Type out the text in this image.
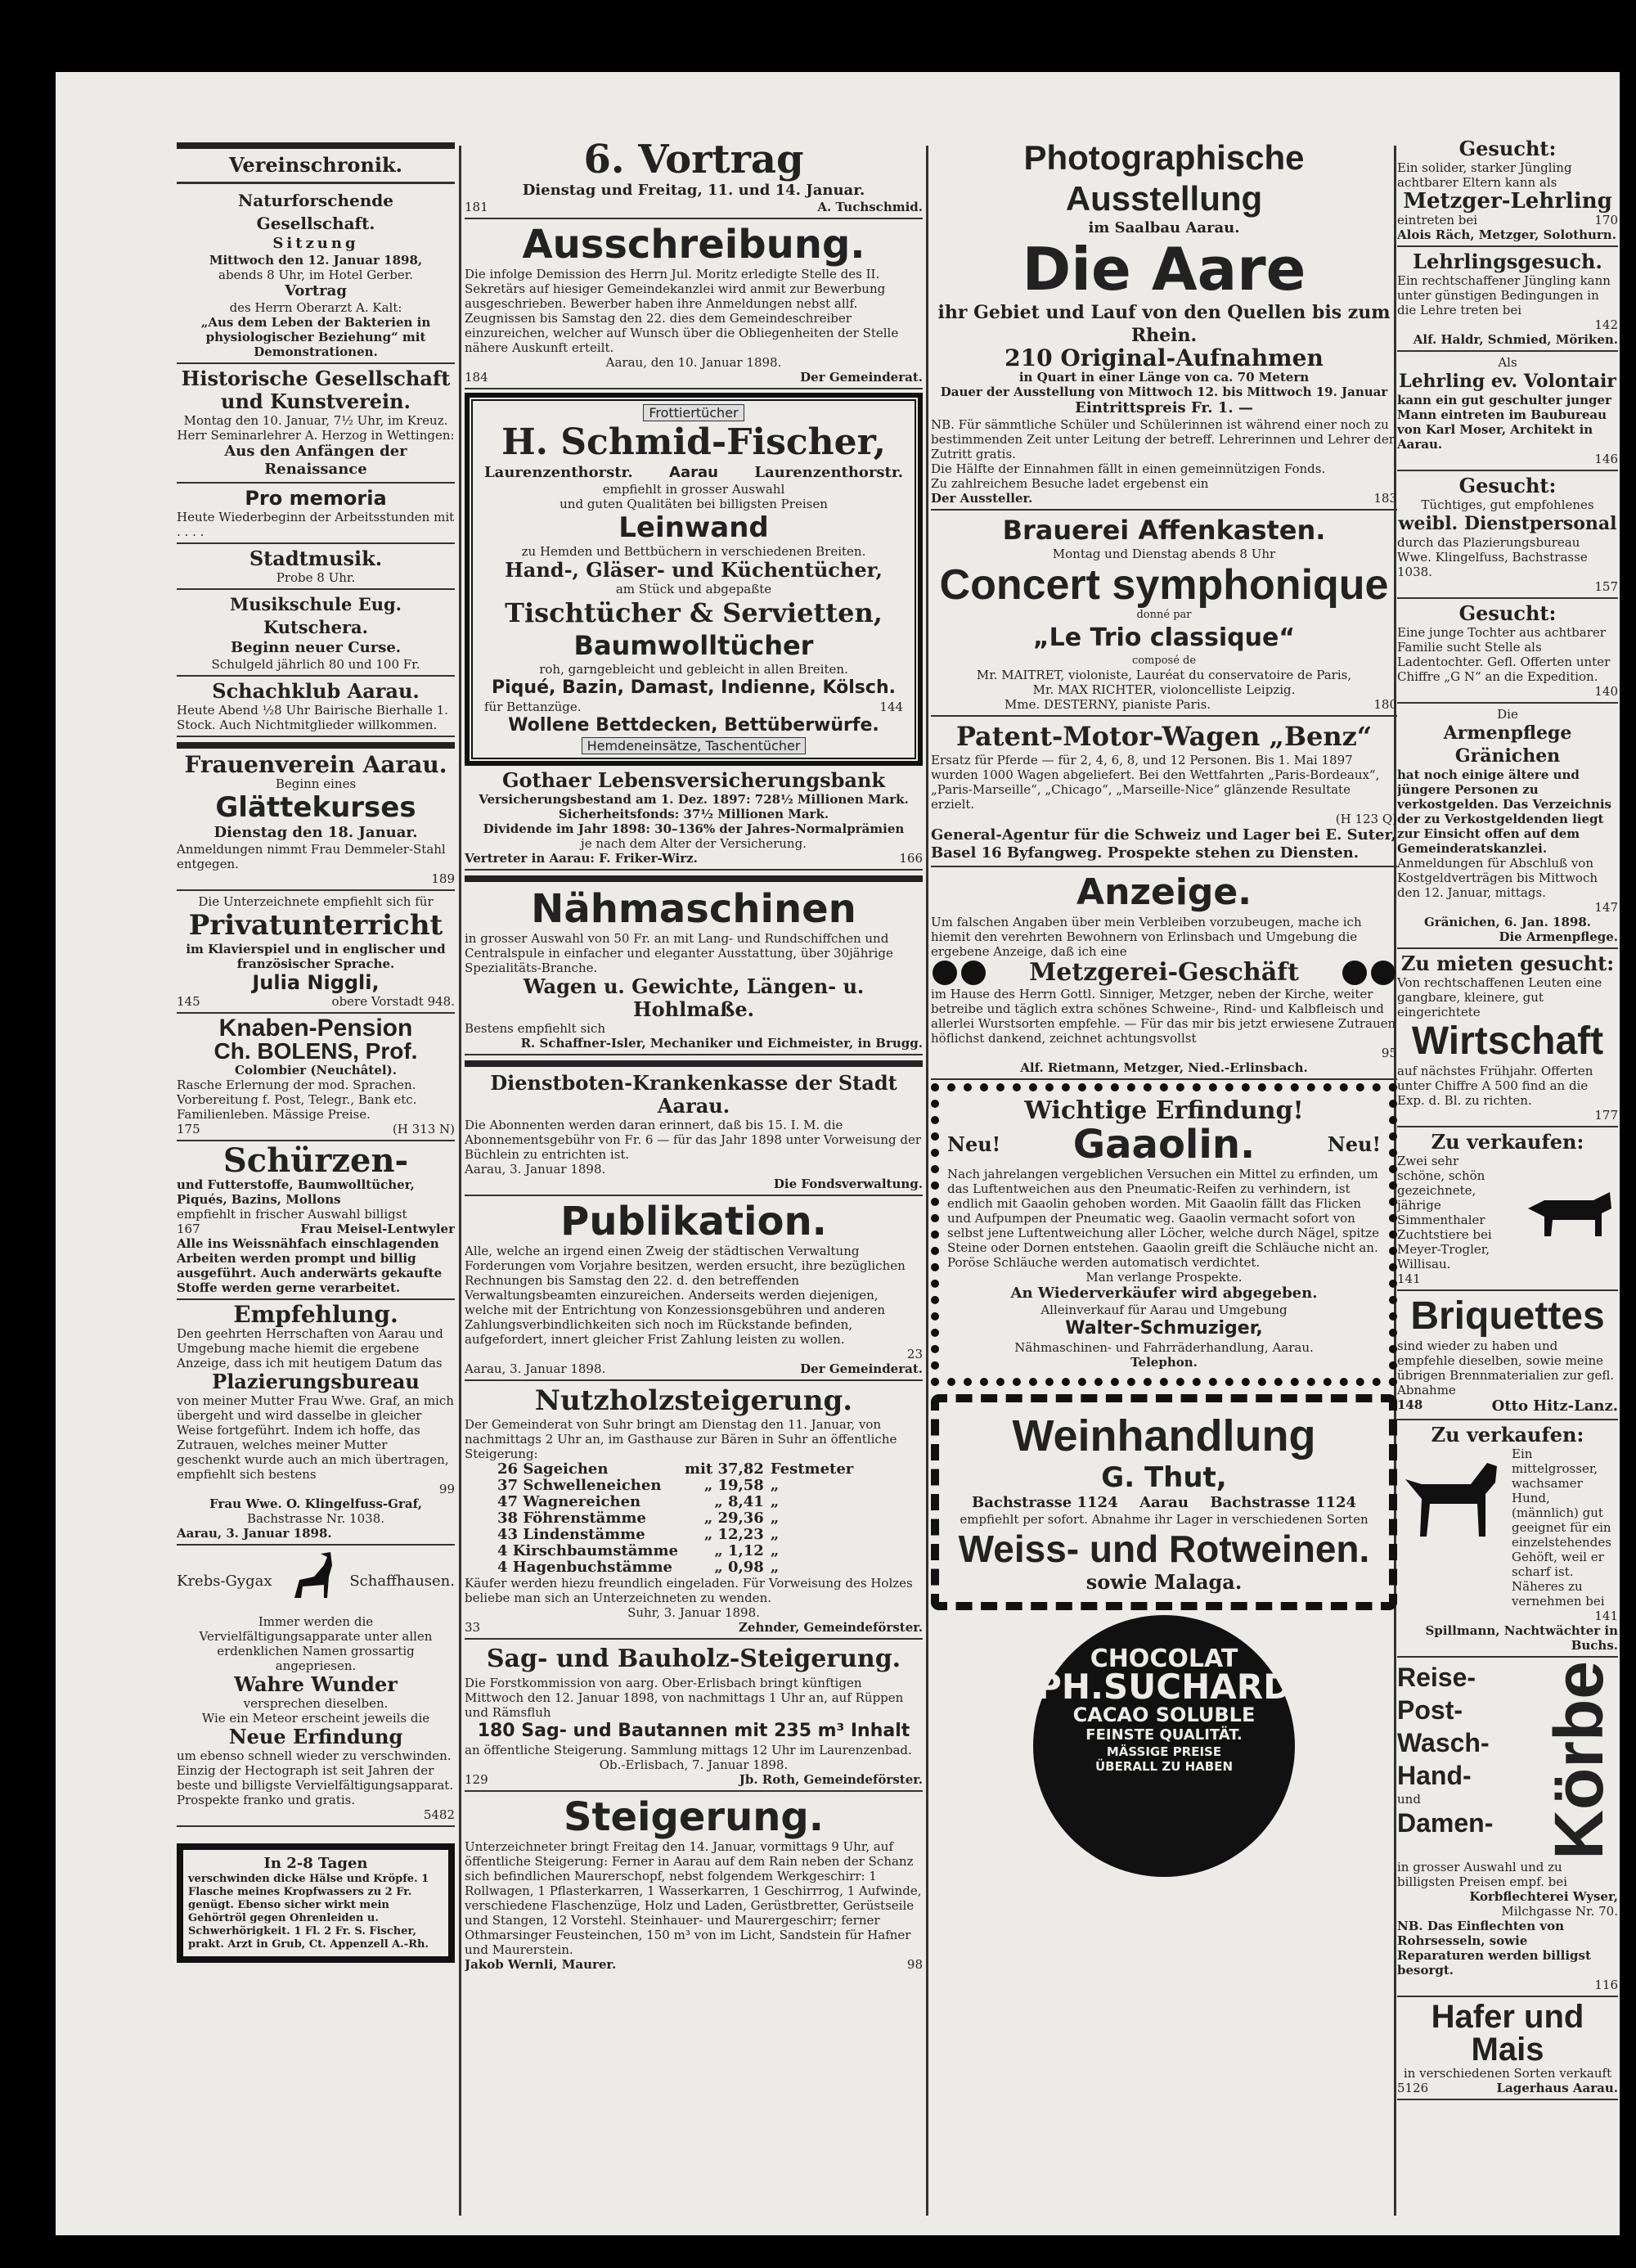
Vereinschronik.
Naturforschende Gesellschaft.
Sitzung
Mittwoch den 12. Januar 1898,
abends 8 Uhr, im Hotel Gerber.
Vortrag
des Herrn Oberarzt A. Kalt:
„Aus dem Leben der Bakterien in physiologischer Beziehung“ mit Demonstrationen.
Historische Gesellschaft und Kunstverein.
Montag den 10. Januar, 7½ Uhr, im Kreuz.
Herr Seminarlehrer A. Herzog in Wettingen:
Aus den Anfängen der Renaissance
Pro memoria
Heute Wiederbeginn der Arbeitsstunden mit . . . .
Stadtmusik.
Probe 8 Uhr.
Musikschule Eug. Kutschera.
Beginn neuer Curse.
Schulgeld jährlich 80 und 100 Fr.
Schachklub Aarau.
Heute Abend ½8 Uhr Bairische Bierhalle 1. Stock. Auch Nichtmitglieder willkommen.
Frauenverein Aarau.
Beginn eines
Glättekurses
Dienstag den 18. Januar.
Anmeldungen nimmt Frau Demmeler-Stahl entgegen.
189
Die Unterzeichnete empfiehlt sich für
Privatunterricht
im Klavierspiel und in englischer und französischer Sprache.
Julia Niggli,
145	obere Vorstadt 948.
Knaben-Pension
Ch. BOLENS, Prof.
Colombier (Neuchâtel).
Rasche Erlernung der mod. Sprachen. Vorbereitung f. Post, Telegr., Bank etc. Familienleben. Mässige Preise.
175	(H 313 N)
Schürzen-
und Futterstoffe, Baumwolltücher, Piqués, Bazins, Mollons
empfiehlt in frischer Auswahl billigst
167	Frau Meisel-Lentwyler
Alle ins Weissnähfach einschlagenden Arbeiten werden prompt und billig ausgeführt. Auch anderwärts gekaufte Stoffe werden gerne verarbeitet.
Empfehlung.
Den geehrten Herrschaften von Aarau und Umgebung mache hiemit die ergebene Anzeige, dass ich mit heutigem Datum das
Plazierungsbureau
von meiner Mutter Frau Wwe. Graf, an mich übergeht und wird dasselbe in gleicher Weise fortgeführt. Indem ich hoffe, das Zutrauen, welches meiner Mutter geschenkt wurde auch an mich übertragen, empfiehlt sich bestens
99
Frau Wwe. O. Klingelfuss-Graf,
Bachstrasse Nr. 1038.
Aarau, 3. Januar 1898.
Krebs-Gygax	Schaffhausen.
Immer werden die Vervielfältigungsapparate unter allen erdenklichen Namen grossartig angepriesen.
Wahre Wunder
versprechen dieselben.
Wie ein Meteor erscheint jeweils die
Neue Erfindung
um ebenso schnell wieder zu verschwinden. Einzig der Hectograph ist seit Jahren der beste und billigste Vervielfältigungsapparat. Prospekte franko und gratis.
5482
In 2-8 Tagen
verschwinden dicke Hälse und Kröpfe. 1 Flasche meines Kropfwassers zu 2 Fr. genügt. Ebenso sicher wirkt mein Gehörtröl gegen Ohrenleiden u. Schwerhörigkeit. 1 Fl. 2 Fr. S. Fischer, prakt. Arzt in Grub, Ct. Appenzell A.-Rh.
6. Vortrag
Dienstag und Freitag, 11. und 14. Januar.
181	A. Tuchschmid.
Ausschreibung.
Die infolge Demission des Herrn Jul. Moritz erledigte Stelle des II. Sekretärs auf hiesiger Gemeindekanzlei wird anmit zur Bewerbung ausgeschrieben. Bewerber haben ihre Anmeldungen nebst allf. Zeugnissen bis Samstag den 22. dies dem Gemeindeschreiber einzureichen, welcher auf Wunsch über die Obliegenheiten der Stelle nähere Auskunft erteilt.
Aarau, den 10. Januar 1898.
184	Der Gemeinderat.
Frottiertücher
H. Schmid-Fischer,
Laurenzenthorstr. Aarau Laurenzenthorstr.
empfiehlt in grosser Auswahl
und guten Qualitäten bei billigsten Preisen
Leinwand
zu Hemden und Bettbüchern in verschiedenen Breiten.
Hand-, Gläser- und Küchentücher,
am Stück und abgepaßte
Tischtücher & Servietten,
Baumwolltücher
roh, garngebleicht und gebleicht in allen Breiten.
Piqué, Bazin, Damast, Indienne, Kölsch.
für Bettanzüge.	144
Wollene Bettdecken, Bettüberwürfe.
Hemdeneinsätze, Taschentücher
Gothaer Lebensversicherungsbank
Versicherungsbestand am 1. Dez. 1897: 728½ Millionen Mark.
Sicherheitsfonds: 37½ Millionen Mark.
Dividende im Jahr 1898: 30–136% der Jahres-Normalprämien
je nach dem Alter der Versicherung.
Vertreter in Aarau: F. Friker-Wirz.	166
Nähmaschinen
in grosser Auswahl von 50 Fr. an mit Lang- und Rundschiffchen und Centralspule in einfacher und eleganter Ausstattung, über 30jährige Spezialitäts-Branche.
Wagen u. Gewichte, Längen- u. Hohlmaße.
Bestens empfiehlt sich
R. Schaffner-Isler, Mechaniker und Eichmeister, in Brugg.
Dienstboten-Krankenkasse der Stadt Aarau.
Die Abonnenten werden daran erinnert, daß bis 15. I. M. die Abonnementsgebühr von Fr. 6 — für das Jahr 1898 unter Vorweisung der Büchlein zu entrichten ist.
Aarau, 3. Januar 1898.
Die Fondsverwaltung.
Publikation.
Alle, welche an irgend einen Zweig der städtischen Verwaltung Forderungen vom Vorjahre besitzen, werden ersucht, ihre bezüglichen Rechnungen bis Samstag den 22. d. den betreffenden Verwaltungsbeamten einzureichen. Anderseits werden diejenigen, welche mit der Entrichtung von Konzessionsgebühren und anderen Zahlungsverbindlichkeiten sich noch im Rückstande befinden, aufgefordert, innert gleicher Frist Zahlung leisten zu wollen.
23
Aarau, 3. Januar 1898.	Der Gemeinderat.
Nutzholzsteigerung.
Der Gemeinderat von Suhr bringt am Dienstag den 11. Januar, von nachmittags 2 Uhr an, im Gasthause zur Bären in Suhr an öffentliche Steigerung:
26 Sageichen	mit 37,82	Festmeter
37 Schwelleneichen	„ 19,58	„
47 Wagnereichen	„ 8,41	„
38 Föhrenstämme	„ 29,36	„
43 Lindenstämme	„ 12,23	„
4 Kirschbaumstämme	„ 1,12	„
4 Hagenbuchstämme	„ 0,98	„
Käufer werden hiezu freundlich eingeladen. Für Vorweisung des Holzes beliebe man sich an Unterzeichneten zu wenden.
Suhr, 3. Januar 1898.
33	Zehnder, Gemeindeförster.
Sag- und Bauholz-Steigerung.
Die Forstkommission von aarg. Ober-Erlisbach bringt künftigen Mittwoch den 12. Januar 1898, von nachmittags 1 Uhr an, auf Rüppen und Rämsfluh
180 Sag- und Bautannen mit 235 m³ Inhalt
an öffentliche Steigerung. Sammlung mittags 12 Uhr im Laurenzenbad.
Ob.-Erlisbach, 7. Januar 1898.
129	Jb. Roth, Gemeindeförster.
Steigerung.
Unterzeichneter bringt Freitag den 14. Januar, vormittags 9 Uhr, auf öffentliche Steigerung: Ferner in Aarau auf dem Rain neben der Schanz sich befindlichen Maurerschopf, nebst folgendem Werkgeschirr: 1 Rollwagen, 1 Pflasterkarren, 1 Wasserkarren, 1 Geschirrrog, 1 Aufwinde, verschiedene Flaschenzüge, Holz und Laden, Gerüstbretter, Gerüstseile und Stangen, 12 Vorstehl. Steinhauer- und Maurergeschirr; ferner Othmarsinger Feusteinchen, 150 m³ von im Licht, Sandstein für Hafner und Maurerstein.
Jakob Wernli, Maurer.	98
Photographische Ausstellung
im Saalbau Aarau.
Die Aare
ihr Gebiet und Lauf von den Quellen bis zum Rhein.
210 Original-Aufnahmen
in Quart in einer Länge von ca. 70 Metern
Dauer der Ausstellung von Mittwoch 12. bis Mittwoch 19. Januar
Eintrittspreis Fr. 1. —
NB. Für sämmtliche Schüler und Schülerinnen ist während einer noch zu bestimmenden Zeit unter Leitung der betreff. Lehrerinnen und Lehrer der Zutritt gratis.
Die Hälfte der Einnahmen fällt in einen gemeinnützigen Fonds.
Zu zahlreichem Besuche ladet ergebenst ein
Der Aussteller.	183
Brauerei Affenkasten.
Montag und Dienstag abends 8 Uhr
Concert symphonique
donné par
„Le Trio classique“
composé de
Mr. MAITRET, violoniste, Lauréat du conservatoire de Paris,
Mr. MAX RICHTER, violoncelliste Leipzig.
Mme. DESTERNY, pianiste Paris.	180
Patent-Motor-Wagen „Benz“
Ersatz für Pferde — für 2, 4, 6, 8, und 12 Personen. Bis 1. Mai 1897 wurden 1000 Wagen abgeliefert. Bei den Wettfahrten „Paris-Bordeaux“, „Paris-Marseille“, „Chicago“, „Marseille-Nice“ glänzende Resultate erzielt.
(H 123 Q)
General-Agentur für die Schweiz und Lager bei E. Suter, Basel 16 Byfangweg. Prospekte stehen zu Diensten.
Anzeige.
Um falschen Angaben über mein Verbleiben vorzubeugen, mache ich hiemit den verehrten Bewohnern von Erlinsbach und Umgebung die ergebene Anzeige, daß ich eine
Metzgerei-Geschäft
im Hause des Herrn Gottl. Sinniger, Metzger, neben der Kirche, weiter betreibe und täglich extra schönes Schweine-, Rind- und Kalbfleisch und allerlei Wurstsorten empfehle. — Für das mir bis jetzt erwiesene Zutrauen höflichst dankend, zeichnet achtungsvollst
95
Alf. Rietmann, Metzger, Nied.-Erlinsbach.
Wichtige Erfindung!
Neu! Gaaolin.	Neu!
Nach jahrelangen vergeblichen Versuchen ein Mittel zu erfinden, um das Luftentweichen aus den Pneumatic-Reifen zu verhindern, ist endlich mit Gaaolin gehoben worden. Mit Gaaolin fällt das Flicken und Aufpumpen der Pneumatic weg. Gaaolin vermacht sofort von selbst jene Luftentweichung aller Löcher, welche durch Nägel, spitze Steine oder Dornen entstehen. Gaaolin greift die Schläuche nicht an. Poröse Schläuche werden automatisch verdichtet.
Man verlange Prospekte.
An Wiederverkäufer wird abgegeben.
Alleinverkauf für Aarau und Umgebung
Walter-Schmuziger,
Nähmaschinen- und Fahrräderhandlung, Aarau.
Telephon.
Weinhandlung
G. Thut,
Bachstrasse 1124 Aarau Bachstrasse 1124
empfiehlt per sofort. Abnahme ihr Lager in verschiedenen Sorten
Weiss- und Rotweinen.
sowie Malaga.
CHOCOLAT
PH.SUCHARD
CACAO SOLUBLE
FEINSTE QUALITÄT.
MÄSSIGE PREISE
ÜBERALL ZU HABEN
Gesucht:
Ein solider, starker Jüngling achtbarer Eltern kann als
Metzger-Lehrling
eintreten bei	170
Alois Räch, Metzger, Solothurn.
Lehrlingsgesuch.
Ein rechtschaffener Jüngling kann unter günstigen Bedingungen in die Lehre treten bei
142
Alf. Haldr, Schmied, Möriken.
Als
Lehrling ev. Volontair
kann ein gut geschulter junger Mann eintreten im Baubureau von Karl Moser, Architekt in Aarau.
146
Gesucht:
Tüchtiges, gut empfohlenes
weibl. Dienstpersonal
durch das Plazierungsbureau Wwe. Klingelfuss, Bachstrasse 1038.
157
Gesucht:
Eine junge Tochter aus achtbarer Familie sucht Stelle als Ladentochter. Gefl. Offerten unter Chiffre „G N“ an die Expedition.
140
Die
Armenpflege Gränichen
hat noch einige ältere und jüngere Personen zu verkostgelden. Das Verzeichnis der zu Verkostgeldenden liegt zur Einsicht offen auf dem Gemeinderatskanzlei.
Anmeldungen für Abschluß von Kostgeldverträgen bis Mittwoch den 12. Januar, mittags.
147
Gränichen, 6. Jan. 1898.
Die Armenpflege.
Zu mieten gesucht:
Von rechtschaffenen Leuten eine gangbare, kleinere, gut eingerichtete
Wirtschaft
auf nächstes Frühjahr. Offerten unter Chiffre A 500 find an die Exp. d. Bl. zu richten.
177
Zu verkaufen:
Zwei sehr schöne, schön gezeichnete, jährige Simmenthaler Zuchtstiere bei Meyer-Trogler, Willisau.
141
Briquettes
sind wieder zu haben und empfehle dieselben, sowie meine übrigen Brennmaterialien zur gefl. Abnahme
148	Otto Hitz-Lanz.
Zu verkaufen:
Ein mittelgrosser, wachsamer Hund, (männlich) gut geeignet für ein einzelstehendes Gehöft, weil er scharf ist. Näheres zu vernehmen bei
141
Spillmann, Nachtwächter in Buchs.
Reise-
Post-
Wasch-
Hand-
und
Damen- Körbe
in grosser Auswahl und zu billigsten Preisen empf. bei
Korbflechterei Wyser,
Milchgasse Nr. 70.
NB. Das Einflechten von Rohrsesseln, sowie Reparaturen werden billigst besorgt.
116
Hafer und Mais
in verschiedenen Sorten verkauft
5126	Lagerhaus Aarau.
